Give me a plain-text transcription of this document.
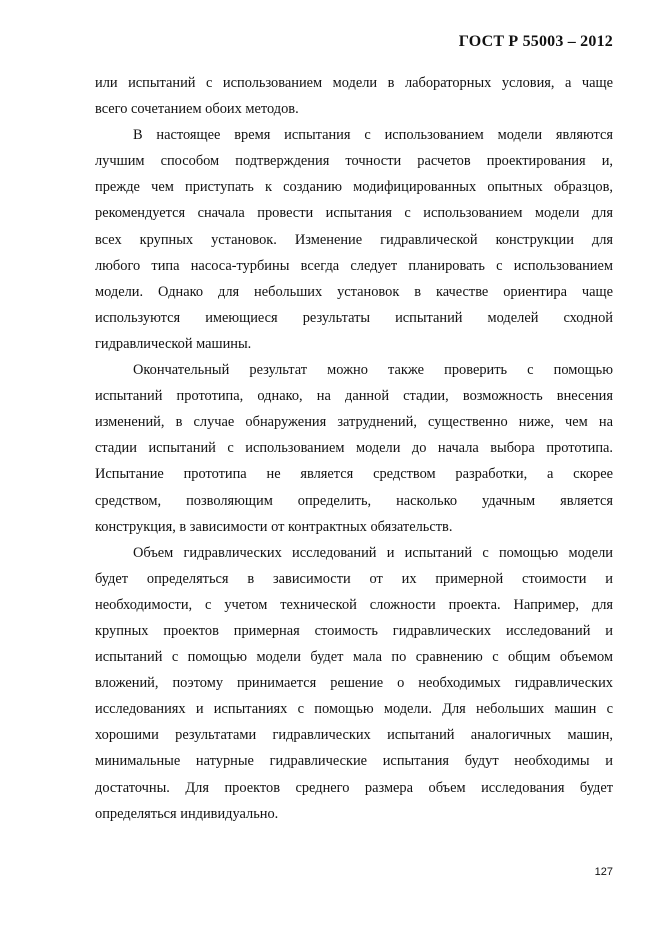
ГОСТ Р 55003 – 2012

или испытаний с использованием модели в лабораторных условия, а чаще
всего сочетанием обоих методов.

В настоящее время испытания с использованием модели являются
лучшим способом подтверждения точности расчетов проектирования и,
прежде чем приступать к созданию модифицированных опытных образцов,
рекомендуется сначала провести испытания с использованием модели для
всех крупных установок. Изменение гидравлической конструкции для
любого типа насоса-турбины всегда следует планировать с использованием
модели. Однако для небольших установок в качестве ориентира чаще
используются имеющиеся результаты испытаний моделей сходной
гидравлической машины.

Окончательный результат можно также проверить с помощью
испытаний прототипа, однако, на данной стадии, возможность внесения
изменений, в случае обнаружения затруднений, существенно ниже, чем на
стадии испытаний с использованием модели до начала выбора прототипа.
Испытание прототипа не является средством разработки, а скорее
средством, позволяющим определить, насколько удачным является
конструкция, в зависимости от контрактных обязательств.

Объем гидравлических исследований и испытаний с помощью модели
будет определяться в зависимости от их примерной стоимости и
необходимости, с учетом технической сложности проекта. Например, для
крупных проектов примерная стоимость гидравлических исследований и
испытаний с помощью модели будет мала по сравнению с общим объемом
вложений, поэтому принимается решение о необходимых гидравлических
исследованиях и испытаниях с помощью модели. Для небольших машин с
хорошими результатами гидравлических испытаний аналогичных машин,
минимальные натурные гидравлические испытания будут необходимы и
достаточны. Для проектов среднего размера объем исследования будет
определяться индивидуально.

127
